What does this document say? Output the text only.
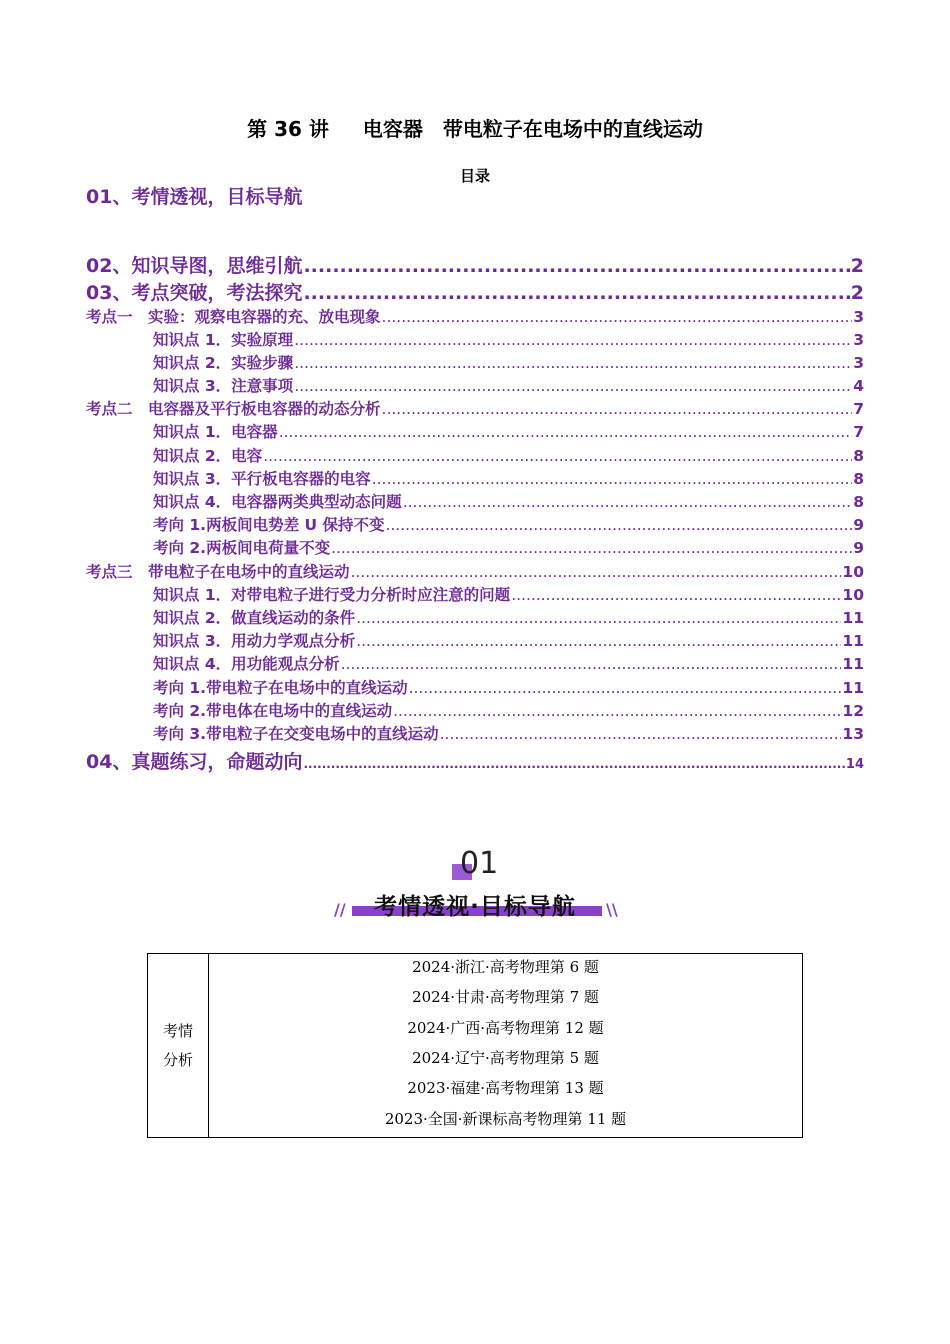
第 36 讲　  电容器　带电粒子在电场中的直线运动
目录
01、考情透视，目标导航
02、知识导图，思维引航 .....	2
03、考点突破，考法探究 .....	2
考点一　实验：观察电容器的充、放电现象 .....	3
知识点 1．实验原理 .....	3
知识点 2．实验步骤 .....	3
知识点 3．注意事项 .....	4
考点二　电容器及平行板电容器的动态分析 .....	7
知识点 1．电容器 .....	7
知识点 2．电容 .....	8
知识点 3．平行板电容器的电容 .....	8
知识点 4．电容器两类典型动态问题 .....	8
考向 1.两板间电势差 U 保持不变 .....	9
考向 2.两板间电荷量不变 .....	9
考点三　带电粒子在电场中的直线运动 .....	10
知识点 1．对带电粒子进行受力分析时应注意的问题 .....	10
知识点 2．做直线运动的条件 .....	11
知识点 3．用动力学观点分析 .....	11
知识点 4．用功能观点分析 .....	11
考向 1.带电粒子在电场中的直线运动 .....	11
考向 2.带电体在电场中的直线运动 .....	12
考向 3.带电粒子在交变电场中的直线运动 .....	13
04、真题练习，命题动向 .....	14
01
//	考情透视·目标导航	\\
考情
分析
2024·浙江·高考物理第 6 题
2024·甘肃·高考物理第 7 题
2024·广西·高考物理第 12 题
2024·辽宁·高考物理第 5 题
2023·福建·高考物理第 13 题
2023·全国·新课标高考物理第 11 题
